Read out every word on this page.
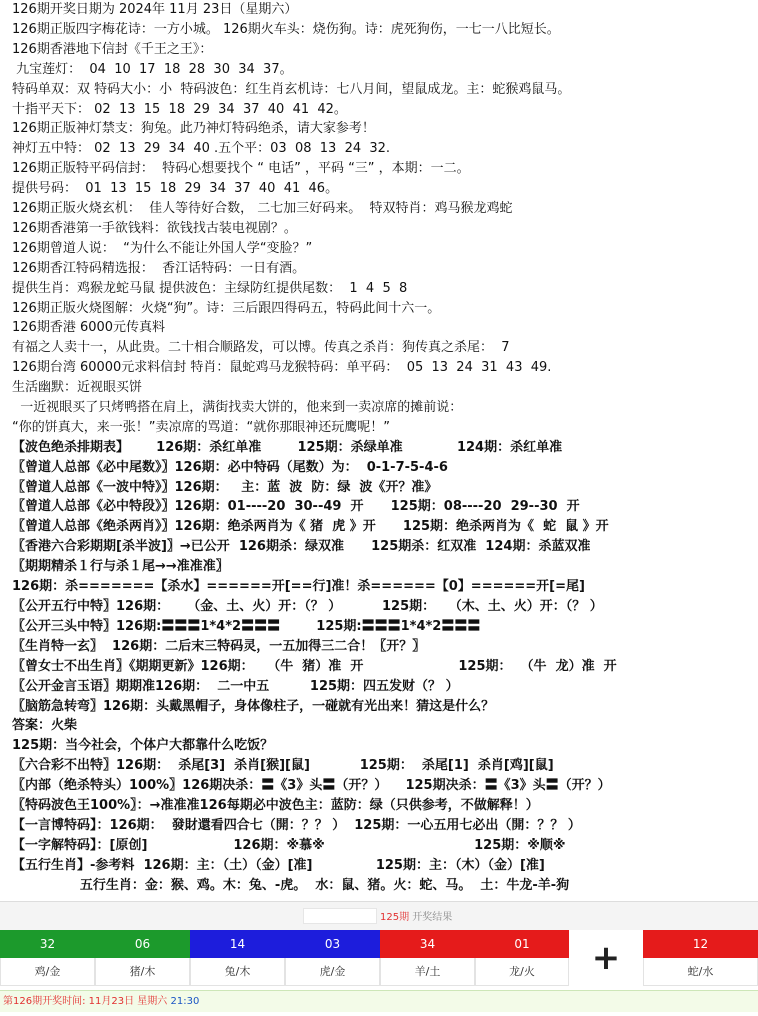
126期开奖日期为 2024年 11月 23日（星期六）
126期正版四字梅花诗：一方小城。 126期火车头：烧伤狗。诗：虎死狗伤，一七一八比短长。
126期香港地下信封《千王之王》：
九宝莲灯：  04  10  17  18  28  30  34  37。
特码单双：双 特码大小：小  特码波色：红生肖玄机诗：七八月间，望鼠成龙。主：蛇猴鸡鼠马。
十指平天下： 02  13  15  18  29  34  37  40  41  42。
126期正版神灯禁支：狗兔。此乃神灯特码绝杀，请大家参考！
神灯五中特： 02  13  29  34  40 .五个平：03  08  13  24  32.
126期正版特平码信封：  特码心想要找个 “ 电话” ，平码 “三” ，本期：一二。
提供号码：  01  13  15  18  29  34  37  40  41  46。
126期正版火烧玄机：  佳人等待好合数， 二七加三好码来。  特双特肖：鸡马猴龙鸡蛇
126期香港第一手欲钱料：欲钱找古装电视剧？。
126期曾道人说：  “为什么不能让外国人学“变脸？”
126期香江特码精选报：  香江话特码：一日有酒。
提供生肖：鸡猴龙蛇马鼠 提供波色：主绿防红提供尾数：  1  4  5  8
126期正版火烧图解：火烧“狗”。诗：三后跟四得码五，特码此间十六一。
126期香港 6000元传真料
有福之人卖十一，从此贵。二十相合顺路发，可以博。传真之杀肖：狗传真之杀尾：  7
126期台湾 60000元求料信封 特肖：鼠蛇鸡马龙猴特码：单平码：  05  13  24  31  43  49.
生活幽默：近视眼买饼
一近视眼买了只烤鸭搭在肩上，满街找卖大饼的，他来到一卖凉席的摊前说：
“你的饼真大，来一张！”卖凉席的骂道：“就你那眼神还玩鹰呢！”
【波色绝杀排期表】      126期：杀红单准        125期：杀绿单准            124期：杀红单准
〖曾道人总部《必中尾数》〗126期：必中特码（尾数）为：  0-1-7-5-4-6
〖曾道人总部《一波中特》〗126期：   主：蓝  波  防：绿  波《开？准》
〖曾道人总部《必中特段》〗126期：01----20  30--49  开      125期：08----20  29--30  开
〖曾道人总部《绝杀两肖》〗126期：绝杀两肖为《 猪  虎 》开      125期：绝杀两肖为《  蛇  鼠 》开
〖香港六合彩期期[杀半波]〗→已公开  126期杀：绿双准      125期杀：红双准  124期：杀蓝双准
〖期期精杀１行与杀１尾→→准准准〗
126期：杀=======【杀水】======开[==行]准！杀======【0】======开[=尾]
〖公开五行中特〗126期：    （金、土、火）开：（？ ）         125期：   （木、土、火）开：（？ ）
〖公开三头中特〗126期:〓〓〓1*4*2〓〓〓        125期:〓〓〓1*4*2〓〓〓
〖生肖特一玄〗  126期：二后末三特码灵，一五加得三二合！〖开？〗
〖曾女士不出生肖〗《期期更新》126期：   （牛  猪）准  开                     125期：  （牛  龙）准  开
〖公开金言玉语〗期期准126期：  二一中五         125期：四五发财（？ ）
〖脑筋急转弯〗126期：头戴黑帽子，身体像柱子，一碰就有光出来！猜这是什么？
答案：火柴
125期：当今社会，个体户大都靠什么吃饭？
〖六合彩不出特〗126期：  杀尾[3]  杀肖[猴][鼠]           125期：  杀尾[1]  杀肖[鸡][鼠]
〖内部（绝杀特头）100%〗126期决杀：〓《3》头〓（开？）    125期决杀：〓《3》头〓（开？）
〖特码波色王100%〗：→准准准126每期必中波色主：蓝防：绿（只供参考，不做解释！）
【一言博特码】：126期：  發財還看四合七（開：？？ ）  125期：一心五用七必出（開：？？ ）
【一字解特码】：[原创]                   126期：※慕※                                 125期：※顺※
【五行生肖】-参考料  126期：主：（土）（金）[准]              125期：主：（木）（金）[准]
五行生肖：金：猴、鸡。木：兔、-虎。  水：鼠、猪。火：蛇、马。  土：牛龙-羊-狗
125期 开奖结果
32
鸡/金
06
猪/木
14
兔/木
03
虎/金
34
羊/土
01
龙/火
12
蛇/水
+
第126期开奖时间: 11月23日 星期六 21:30
